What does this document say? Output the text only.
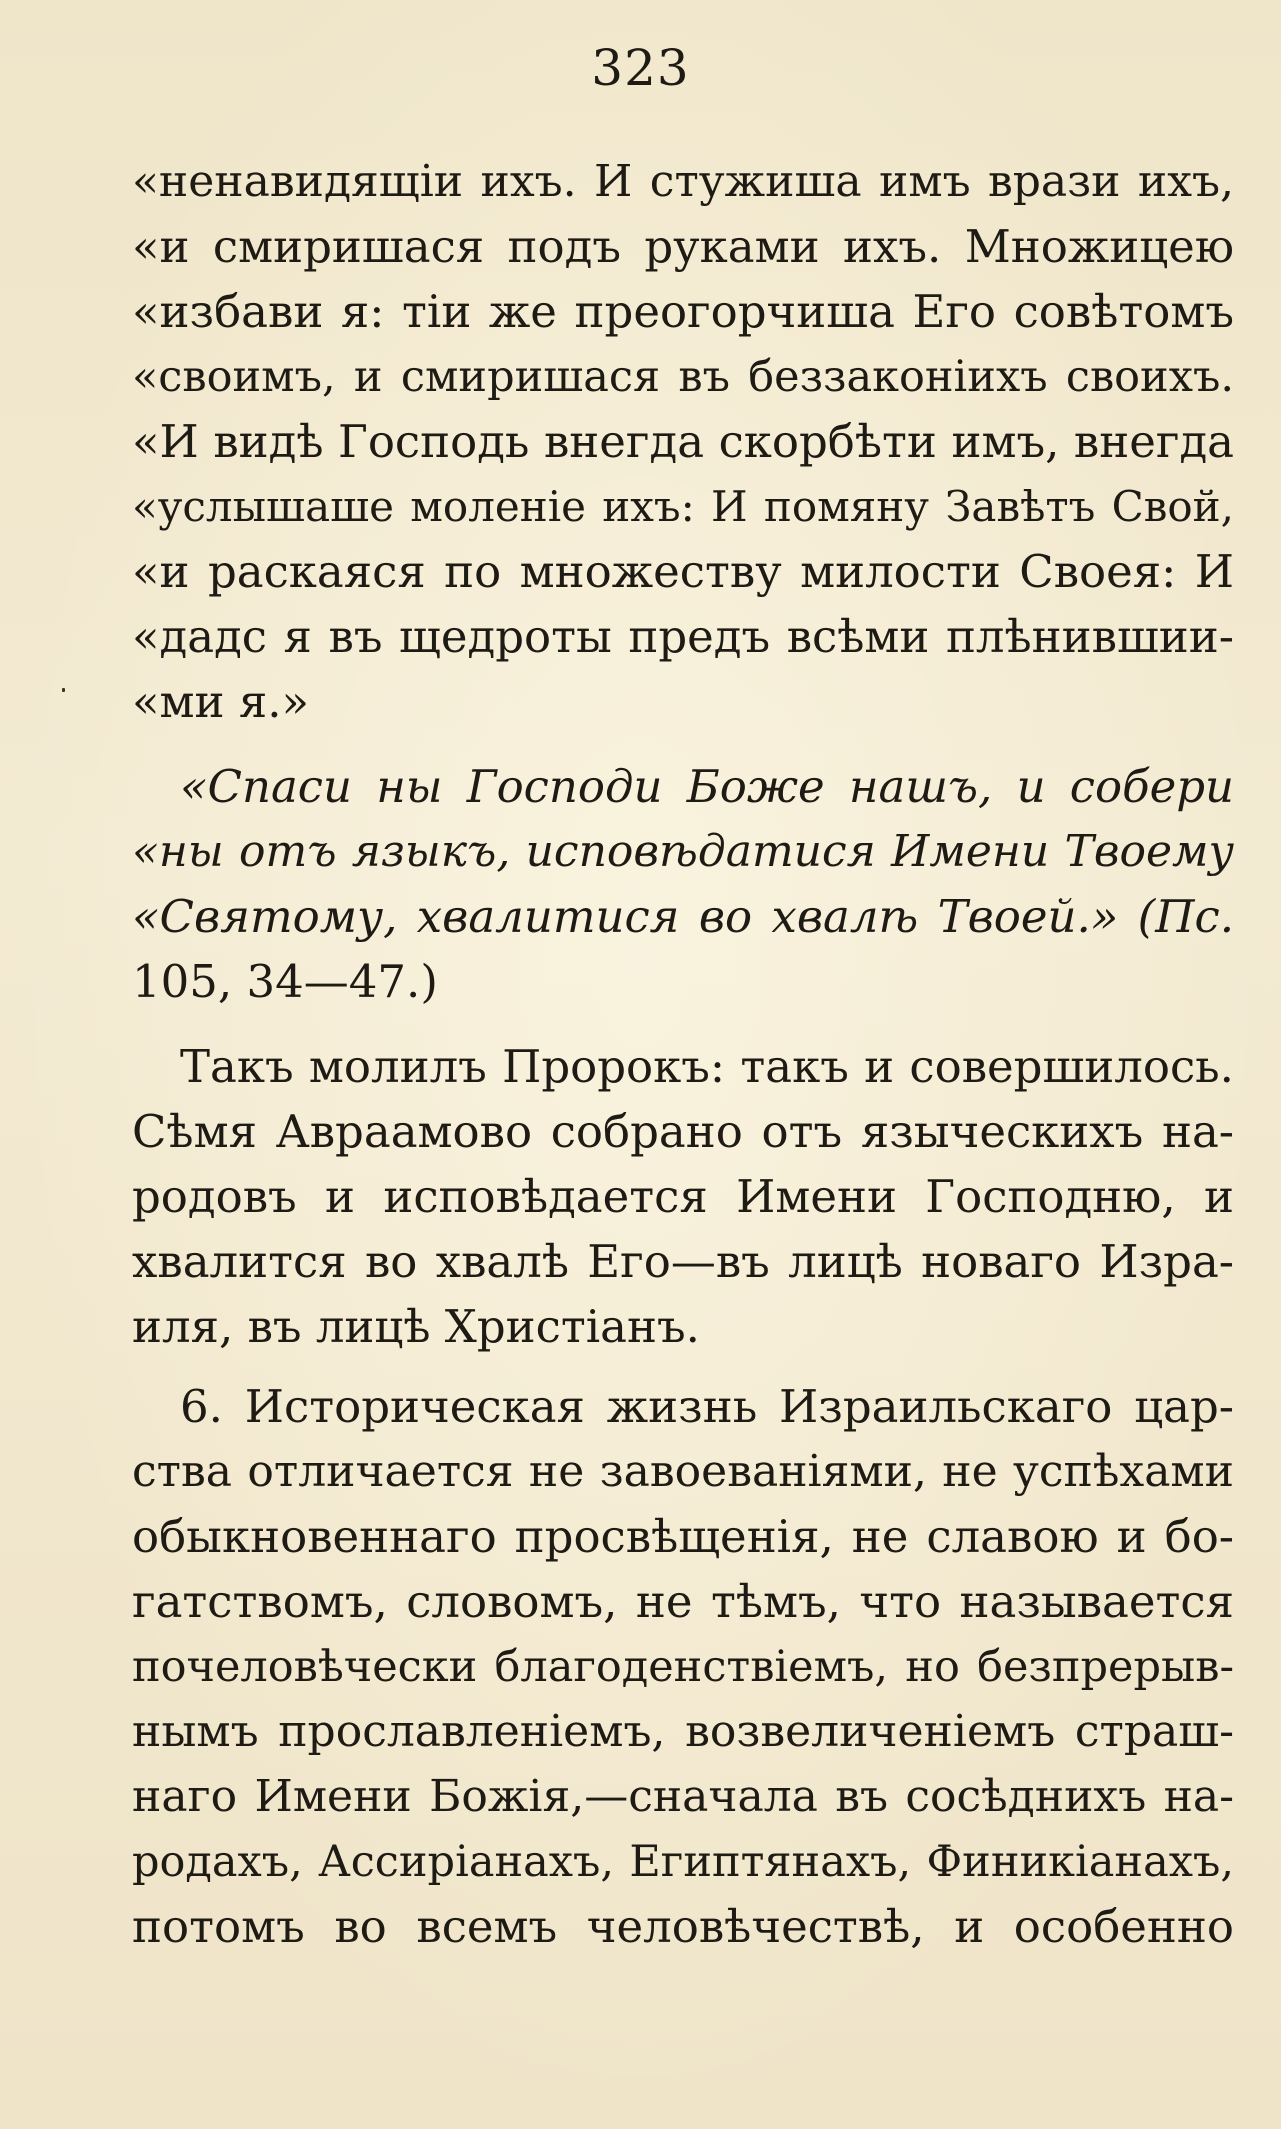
323
«ненавидящіи ихъ. И стужиша имъ врази ихъ,
«и смиришася подъ руками ихъ. Множицею
«избави я: тіи же преогорчиша Его совѣтомъ
«своимъ, и смиришася въ беззаконіихъ своихъ.
«И видѣ Господь внегда скорбѣти имъ, внегда
«услышаше моленіе ихъ: И помяну Завѣтъ Свой,
«и раскаяся по множеству милости Своея: И
«дадс я въ щедроты предъ всѣми плѣнившии-
«ми я.»
«Спаси ны Господи Боже нашъ, и собери
«ны отъ языкъ, исповѣдатися Имени Твоему
«Святому, хвалитися во хвалѣ Твоей.» (Пс.
105, 34—47.)
Такъ молилъ Пророкъ: такъ и совершилось.
Сѣмя Авраамово собрано отъ языческихъ на-
родовъ и исповѣдается Имени Господню, и
хвалится во хвалѣ Его—въ лицѣ новаго Изра-
иля, въ лицѣ Христіанъ.
6. Историческая жизнь Израильскаго цар-
ства отличается не завоеваніями, не успѣхами
обыкновеннаго просвѣщенія, не славою и бо-
гатствомъ, словомъ, не тѣмъ, что называется
почеловѣчески благоденствіемъ, но безпрерыв-
нымъ прославленіемъ, возвеличеніемъ страш-
наго Имени Божія,—сначала въ сосѣднихъ на-
родахъ, Ассиріанахъ, Египтянахъ, Финикіанахъ,
потомъ во всемъ человѣчествѣ, и особенно
